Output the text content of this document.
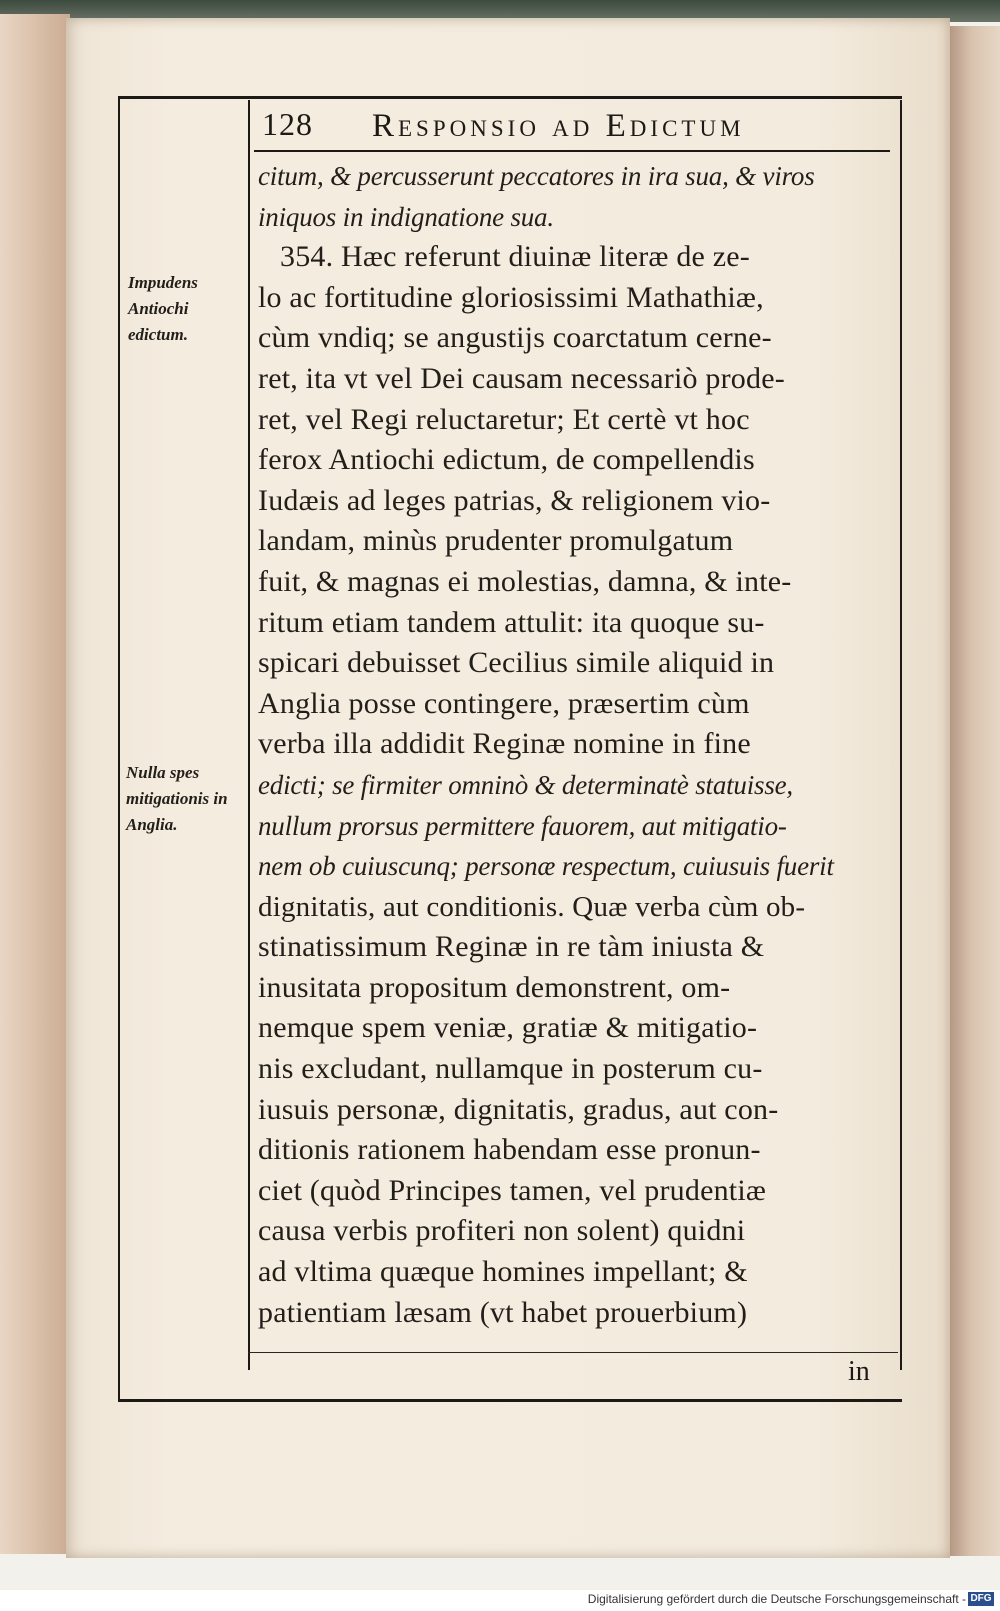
128 Responsio ad Edictum
Impudens Antiochi edictum.
Nulla spes mitigationis in Anglia.
citum, & percusserunt peccatores in ira sua, & viros
iniquos in indignatione sua.
354. Hæc referunt diuinæ literæ de ze-
lo ac fortitudine gloriosissimi Mathathiæ,
cùm vndiq; se angustijs coarctatum cerne-
ret, ita vt vel Dei causam necessariò prode-
ret, vel Regi reluctaretur; Et certè vt hoc
ferox Antiochi edictum, de compellendis
Iudæis ad leges patrias, & religionem vio-
landam, minùs prudenter promulgatum
fuit, & magnas ei molestias, damna, & inte-
ritum etiam tandem attulit: ita quoque su-
spicari debuisset Cecilius simile aliquid in
Anglia posse contingere, præsertim cùm
verba illa addidit Reginæ nomine in fine
edicti; se firmiter omninò & determinatè statuisse,
nullum prorsus permittere fauorem, aut mitigatio-
nem ob cuiuscunq; personæ respectum, cuiusuis fuerit
dignitatis, aut conditionis. Quæ verba cùm ob-
stinatissimum Reginæ in re tàm iniusta &
inusitata propositum demonstrent, om-
nemque spem veniæ, gratiæ & mitigatio-
nis excludant, nullamque in posterum cu-
iusuis personæ, dignitatis, gradus, aut con-
ditionis rationem habendam esse pronun-
ciet (quòd Principes tamen, vel prudentiæ
causa verbis profiteri non solent) quidni
ad vltima quæque homines impellant; &
patientiam læsam (vt habet prouerbium)
in
Digitalisierung gefördert durch die Deutsche Forschungsgemeinschaft - DFG
